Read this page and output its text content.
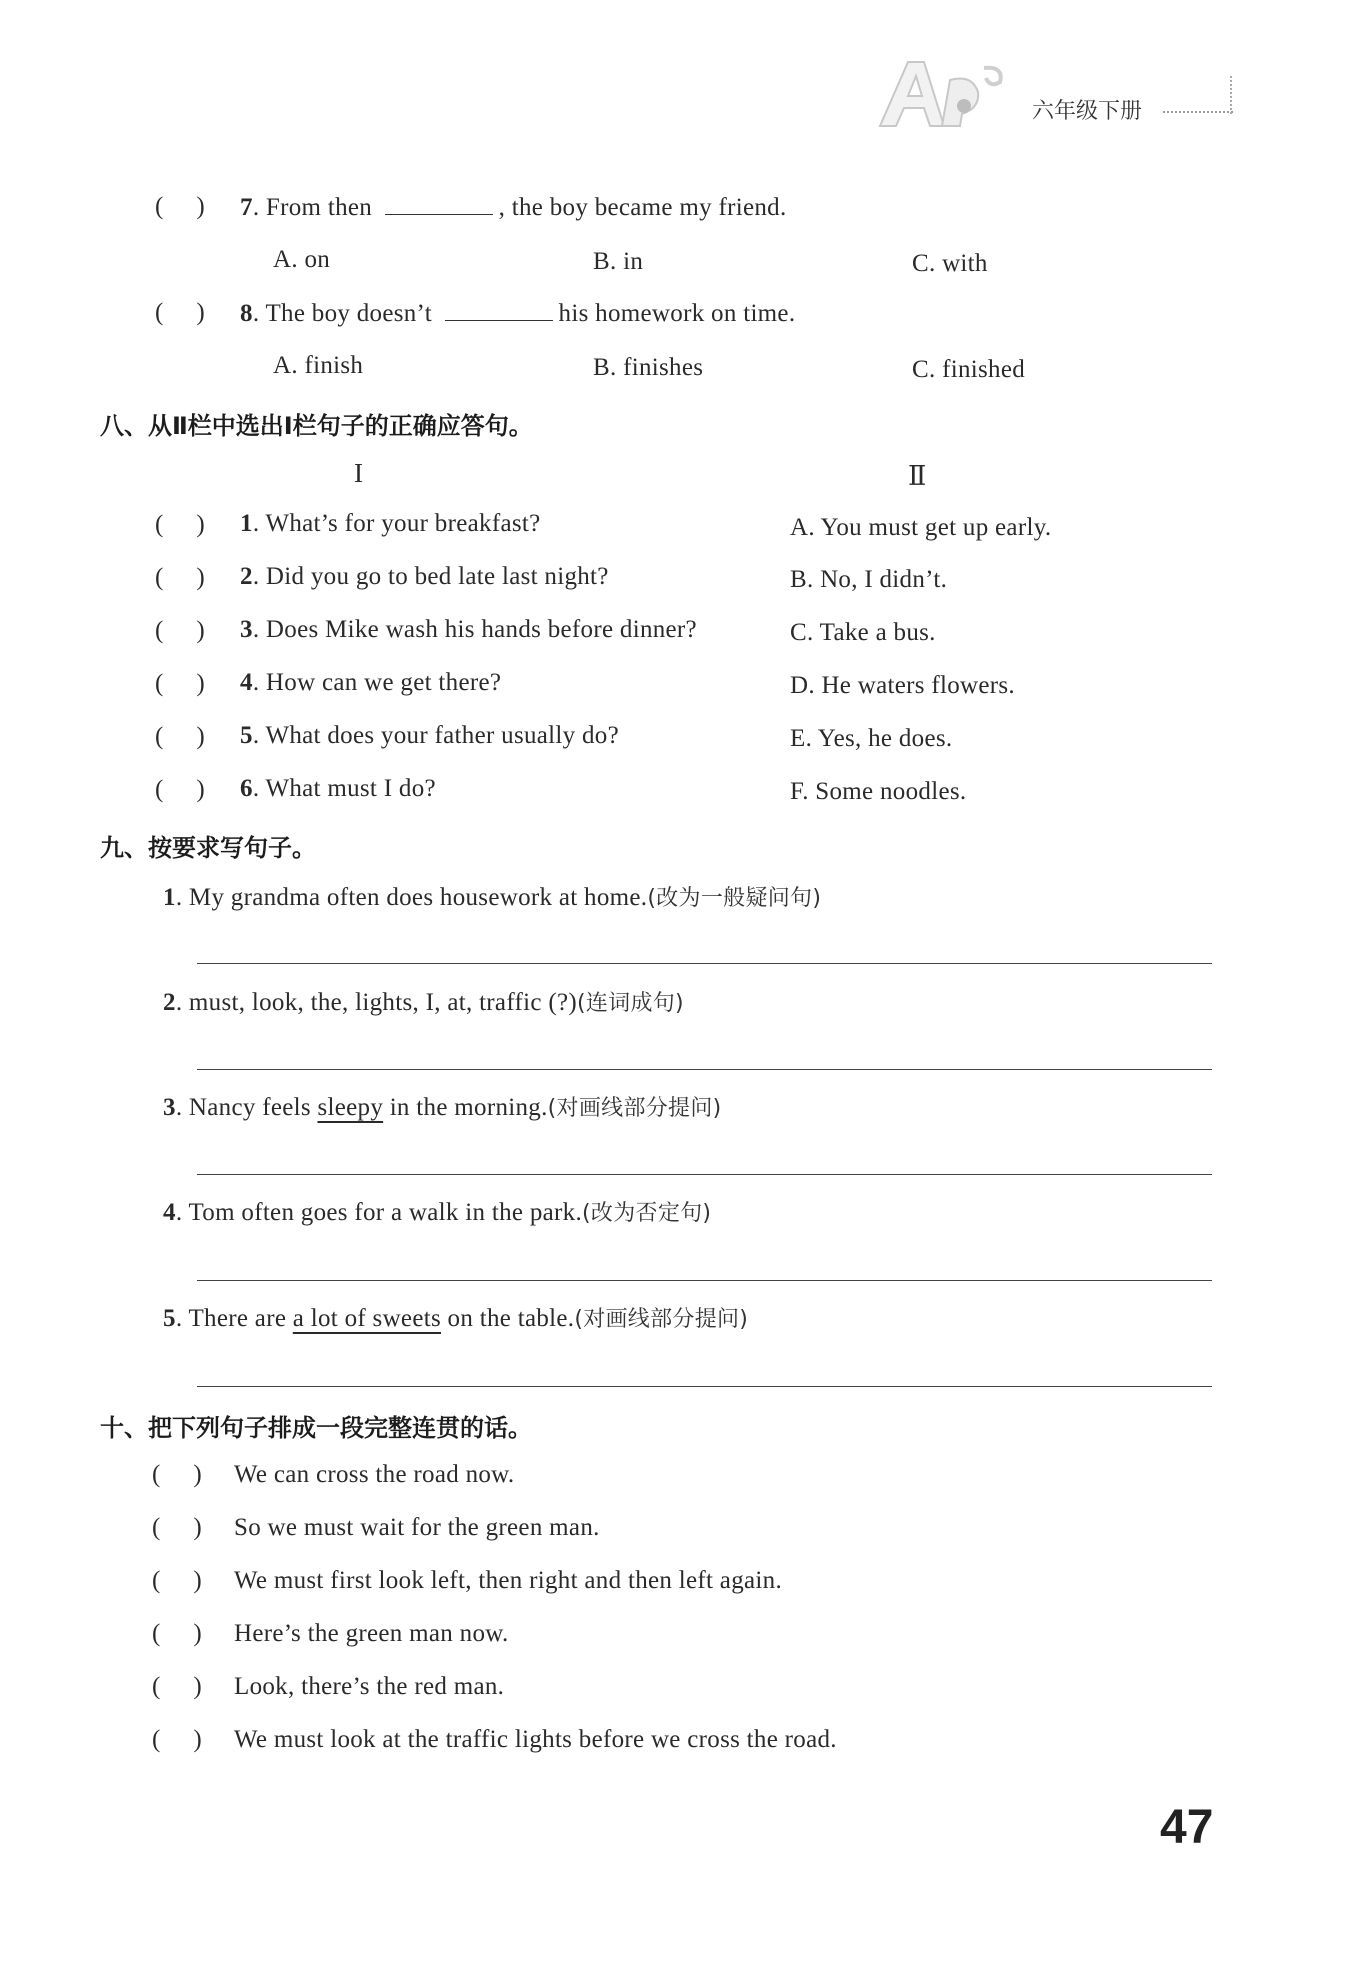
六年级下册
(     ) 7. From then	, the boy became my friend.
A. on	B. in	C. with
(     ) 8. The boy doesn’t	his homework on time.
A. finish	B. finishes	C. finished
八、从Ⅱ栏中选出Ⅰ栏句子的正确应答句。
I	Ⅱ
(     ) 1. What’s for your breakfast?	A. You must get up early.
(     ) 2. Did you go to bed late last night?	B. No, I didn’t.
(     ) 3. Does Mike wash his hands before dinner?	C. Take a bus.
(     ) 4. How can we get there?	D. He waters flowers.
(     ) 5. What does your father usually do?	E. Yes, he does.
(     ) 6. What must I do?	F. Some noodles.
九、按要求写句子。
1. My grandma often does housework at home.(改为一般疑问句)
2. must, look, the, lights, I, at, traffic (?)(连词成句)
3. Nancy feels sleepy in the morning.(对画线部分提问)
4. Tom often goes for a walk in the park.(改为否定句)
5. There are a lot of sweets on the table.(对画线部分提问)
十、把下列句子排成一段完整连贯的话。
(     ) We can cross the road now.
(     ) So we must wait for the green man.
(     ) We must first look left, then right and then left again.
(     ) Here’s the green man now.
(     ) Look, there’s the red man.
(     ) We must look at the traffic lights before we cross the road.
47
